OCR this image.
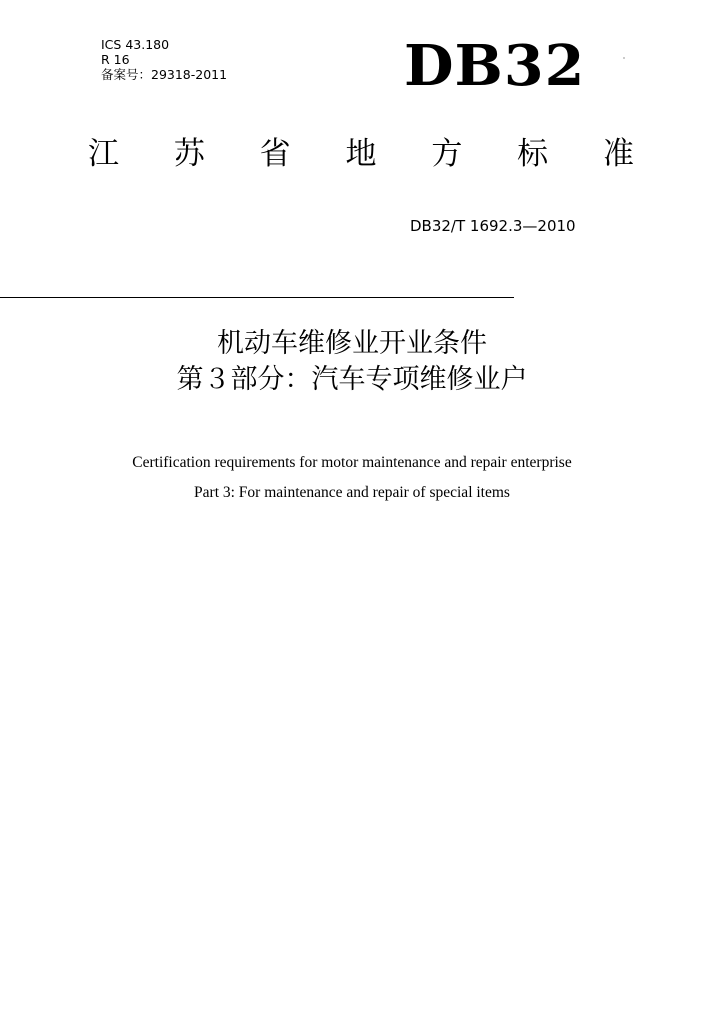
ICS 43.180
R 16
备案号：29318-2011	DB32
江 苏 省 地 方 标 准
DB32/T 1692.3—2010
机动车维修业开业条件
第３部分：汽车专项维修业户
Certification requirements for motor maintenance and repair enterprise
Part 3: For maintenance and repair of special items
